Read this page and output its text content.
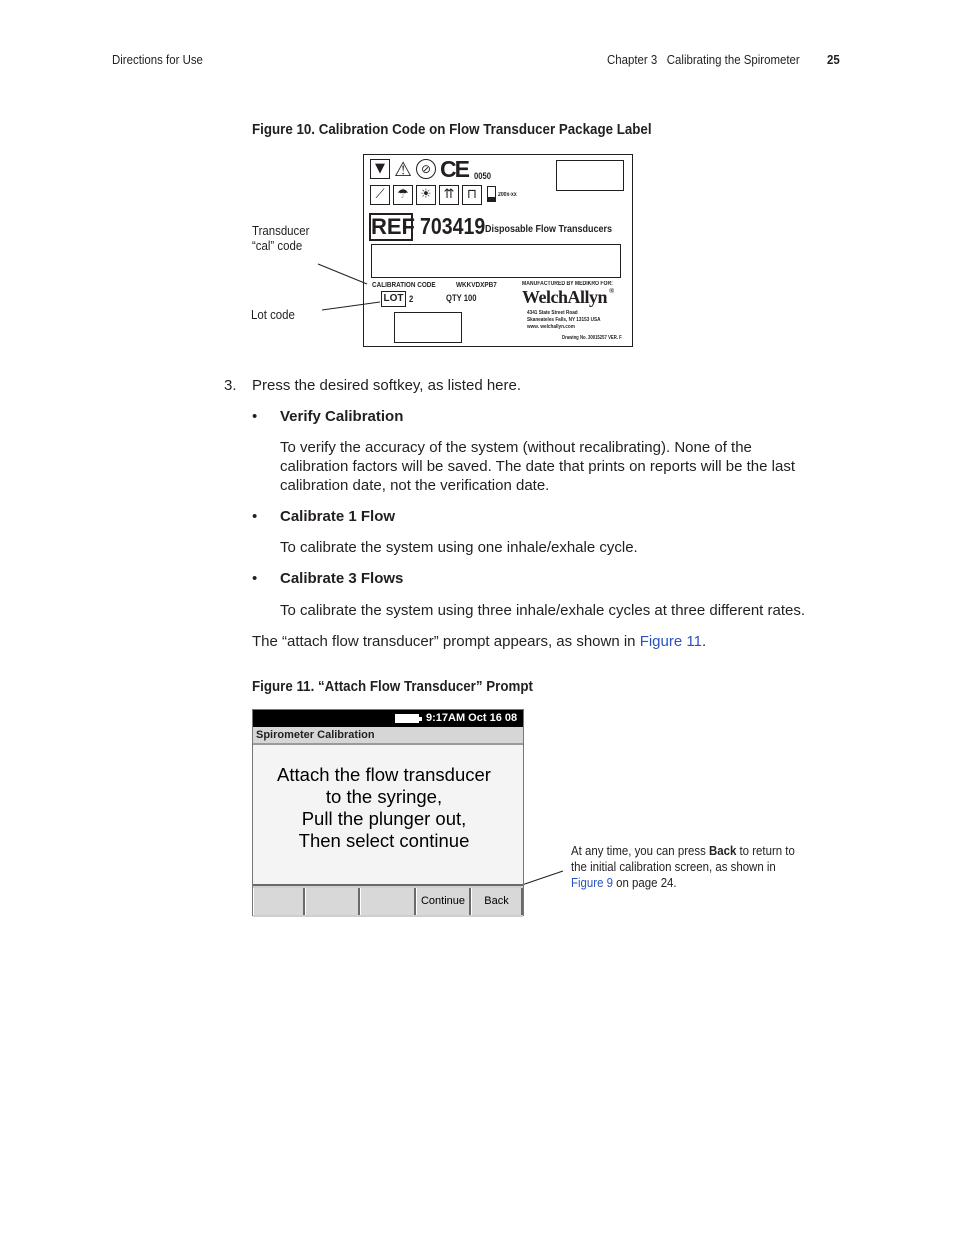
Directions for Use	Chapter 3 Calibrating the Spirometer 25
Figure 10. Calibration Code on Flow Transducer Package Label
▼ ⚠ ⊘ CE 0050
⟋ ☂ ☀ ⇈ ⊓	200x-xx
REF 703419 Disposable Flow Transducers
CALIBRATION CODE	WKKVDXPB7	MANUFACTURED BY MEDIKRO FOR:
LOT 2	QTY 100	WelchAllyn ®
4341 State Street Road
Skaneateles Falls, NY 13153 USA
www. welchallyn.com
Drawing No. 30015257 VER. F
Transducer
“cal” code
Lot code
3. Press the desired softkey, as listed here.
• Verify Calibration
To verify the accuracy of the system (without recalibrating). None of the
calibration factors will be saved. The date that prints on reports will be the last
calibration date, not the verification date.
• Calibrate 1 Flow
To calibrate the system using one inhale/exhale cycle.
• Calibrate 3 Flows
To calibrate the system using three inhale/exhale cycles at three different rates.
The “attach flow transducer” prompt appears, as shown in Figure 11.
Figure 11. “Attach Flow Transducer” Prompt
9:17AM Oct 16 08
Spirometer Calibration
Attach the flow transducer
to the syringe,
Pull the plunger out,
Then select continue
Continue	Back
At any time, you can press Back to return to
the initial calibration screen, as shown in
Figure 9 on page 24.
